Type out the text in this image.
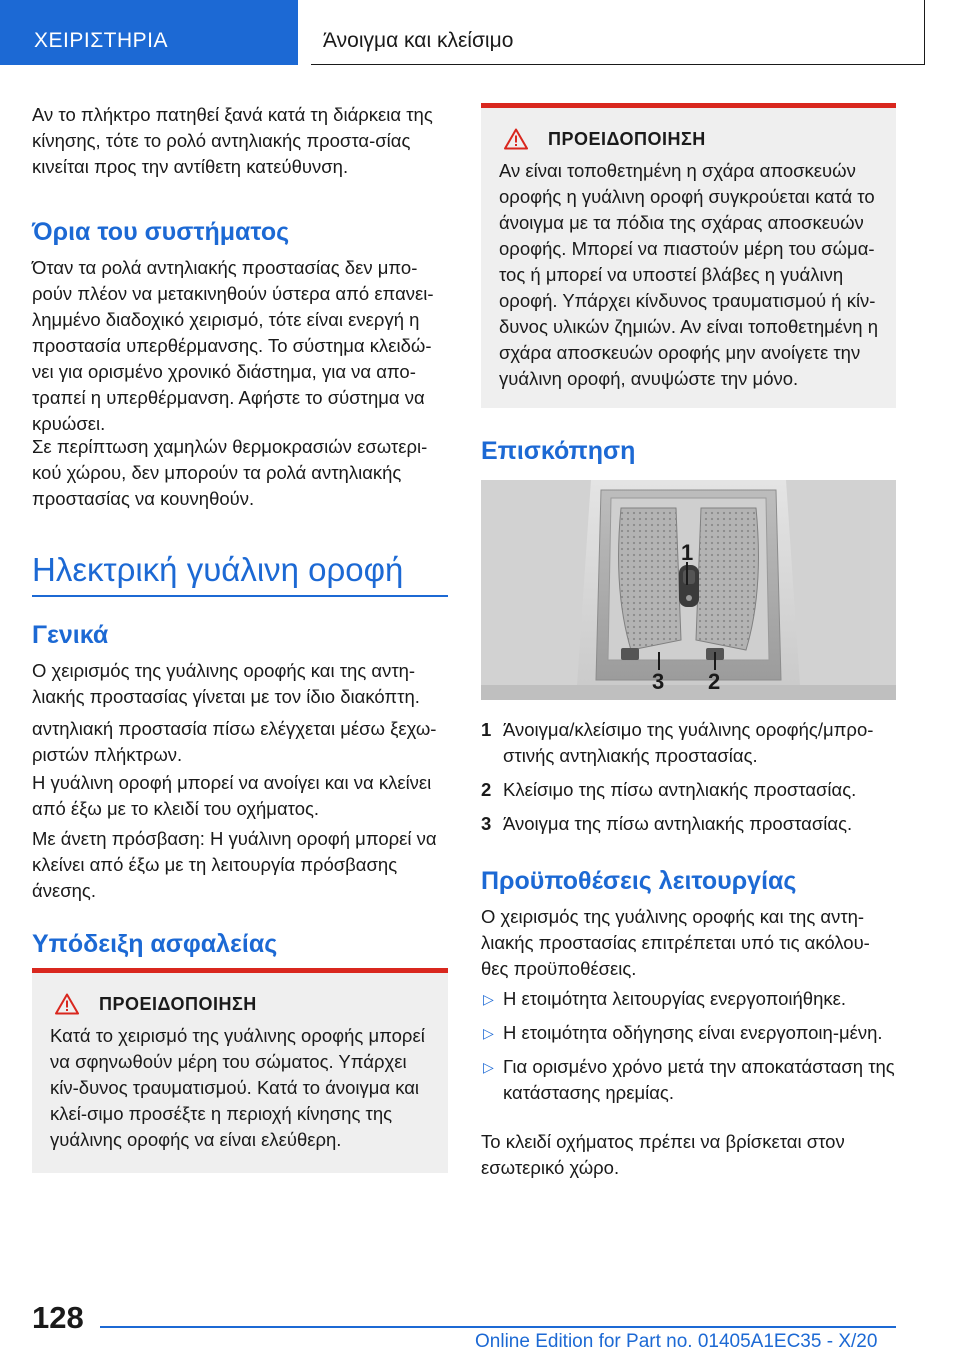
ΧΕΙΡΙΣΤΗΡΙΑ	Άνοιγμα και κλείσιμο

Αν το πλήκτρο πατηθεί ξανά κατά τη διάρκεια της κίνησης, τότε το ρολό αντηλιακής προστα-σίας κινείται προς την αντίθετη κατεύθυνση.

Όρια του συστήματος

Όταν τα ρολά αντηλιακής προστασίας δεν μπο-ρούν πλέον να μετακινηθούν ύστερα από επανει-λημμένο διαδοχικό χειρισμό, τότε είναι ενεργή η προστασία υπερθέρμανσης. Το σύστημα κλειδώ-νει για ορισμένο χρονικό διάστημα, για να απο-τραπεί η υπερθέρμανση. Αφήστε το σύστημα να κρυώσει.

Σε περίπτωση χαμηλών θερμοκρασιών εσωτερι-κού χώρου, δεν μπορούν τα ρολά αντηλιακής προστασίας να κουνηθούν.

Ηλεκτρική γυάλινη οροφή
Γενικά

Ο χειρισμός της γυάλινης οροφής και της αντη-λιακής προστασίας γίνεται με τον ίδιο διακόπτη.

αντηλιακή προστασία πίσω ελέγχεται μέσω ξεχω-ριστών πλήκτρων.

Η γυάλινη οροφή μπορεί να ανοίγει και να κλείνει από έξω με το κλειδί του οχήματος.

Με άνετη πρόσβαση: Η γυάλινη οροφή μπορεί να κλείνει από έξω με τη λειτουργία πρόσβασης άνεσης.

Υπόδειξη ασφαλείας
ΠΡΟΕΙΔΟΠΟΙΗΣΗ

Κατά το χειρισμό της γυάλινης οροφής μπορεί να σφηνωθούν μέρη του σώματος. Υπάρχει κίν-δυνος τραυματισμού. Κατά το άνοιγμα και κλεί-σιμο προσέξτε η περιοχή κίνησης της γυάλινης οροφής να είναι ελεύθερη.

ΠΡΟΕΙΔΟΠΟΙΗΣΗ

Αν είναι τοποθετημένη η σχάρα αποσκευών οροφής η γυάλινη οροφή συγκρούεται κατά το άνοιγμα με τα πόδια της σχάρας αποσκευών οροφής. Μπορεί να πιαστούν μέρη του σώμα-τος ή μπορεί να υποστεί βλάβες η γυάλινη οροφή. Υπάρχει κίνδυνος τραυματισμού ή κίν-δυνος υλικών ζημιών. Αν είναι τοποθετημένη η σχάρα αποσκευών οροφής μην ανοίγετε την γυάλινη οροφή, ανυψώστε την μόνο.

Επισκόπηση
1
3 2
1 Άνοιγμα/κλείσιμο της γυάλινης οροφής/μπρο-στινής αντηλιακής προστασίας.
2 Κλείσιμο της πίσω αντηλιακής προστασίας.
3 Άνοιγμα της πίσω αντηλιακής προστασίας.
Προϋποθέσεις λειτουργίας

Ο χειρισμός της γυάλινης οροφής και της αντη-λιακής προστασίας επιτρέπεται υπό τις ακόλου-θες προϋποθέσεις.

▷ Η ετοιμότητα λειτουργίας ενεργοποιήθηκε.
▷ Η ετοιμότητα οδήγησης είναι ενεργοποιη-μένη.
▷ Για ορισμένο χρόνο μετά την αποκατάσταση της κατάστασης ηρεμίας.

Το κλειδί οχήματος πρέπει να βρίσκεται στον εσωτερικό χώρο.

128
Online Edition for Part no. 01405A1EC35 - X/20
